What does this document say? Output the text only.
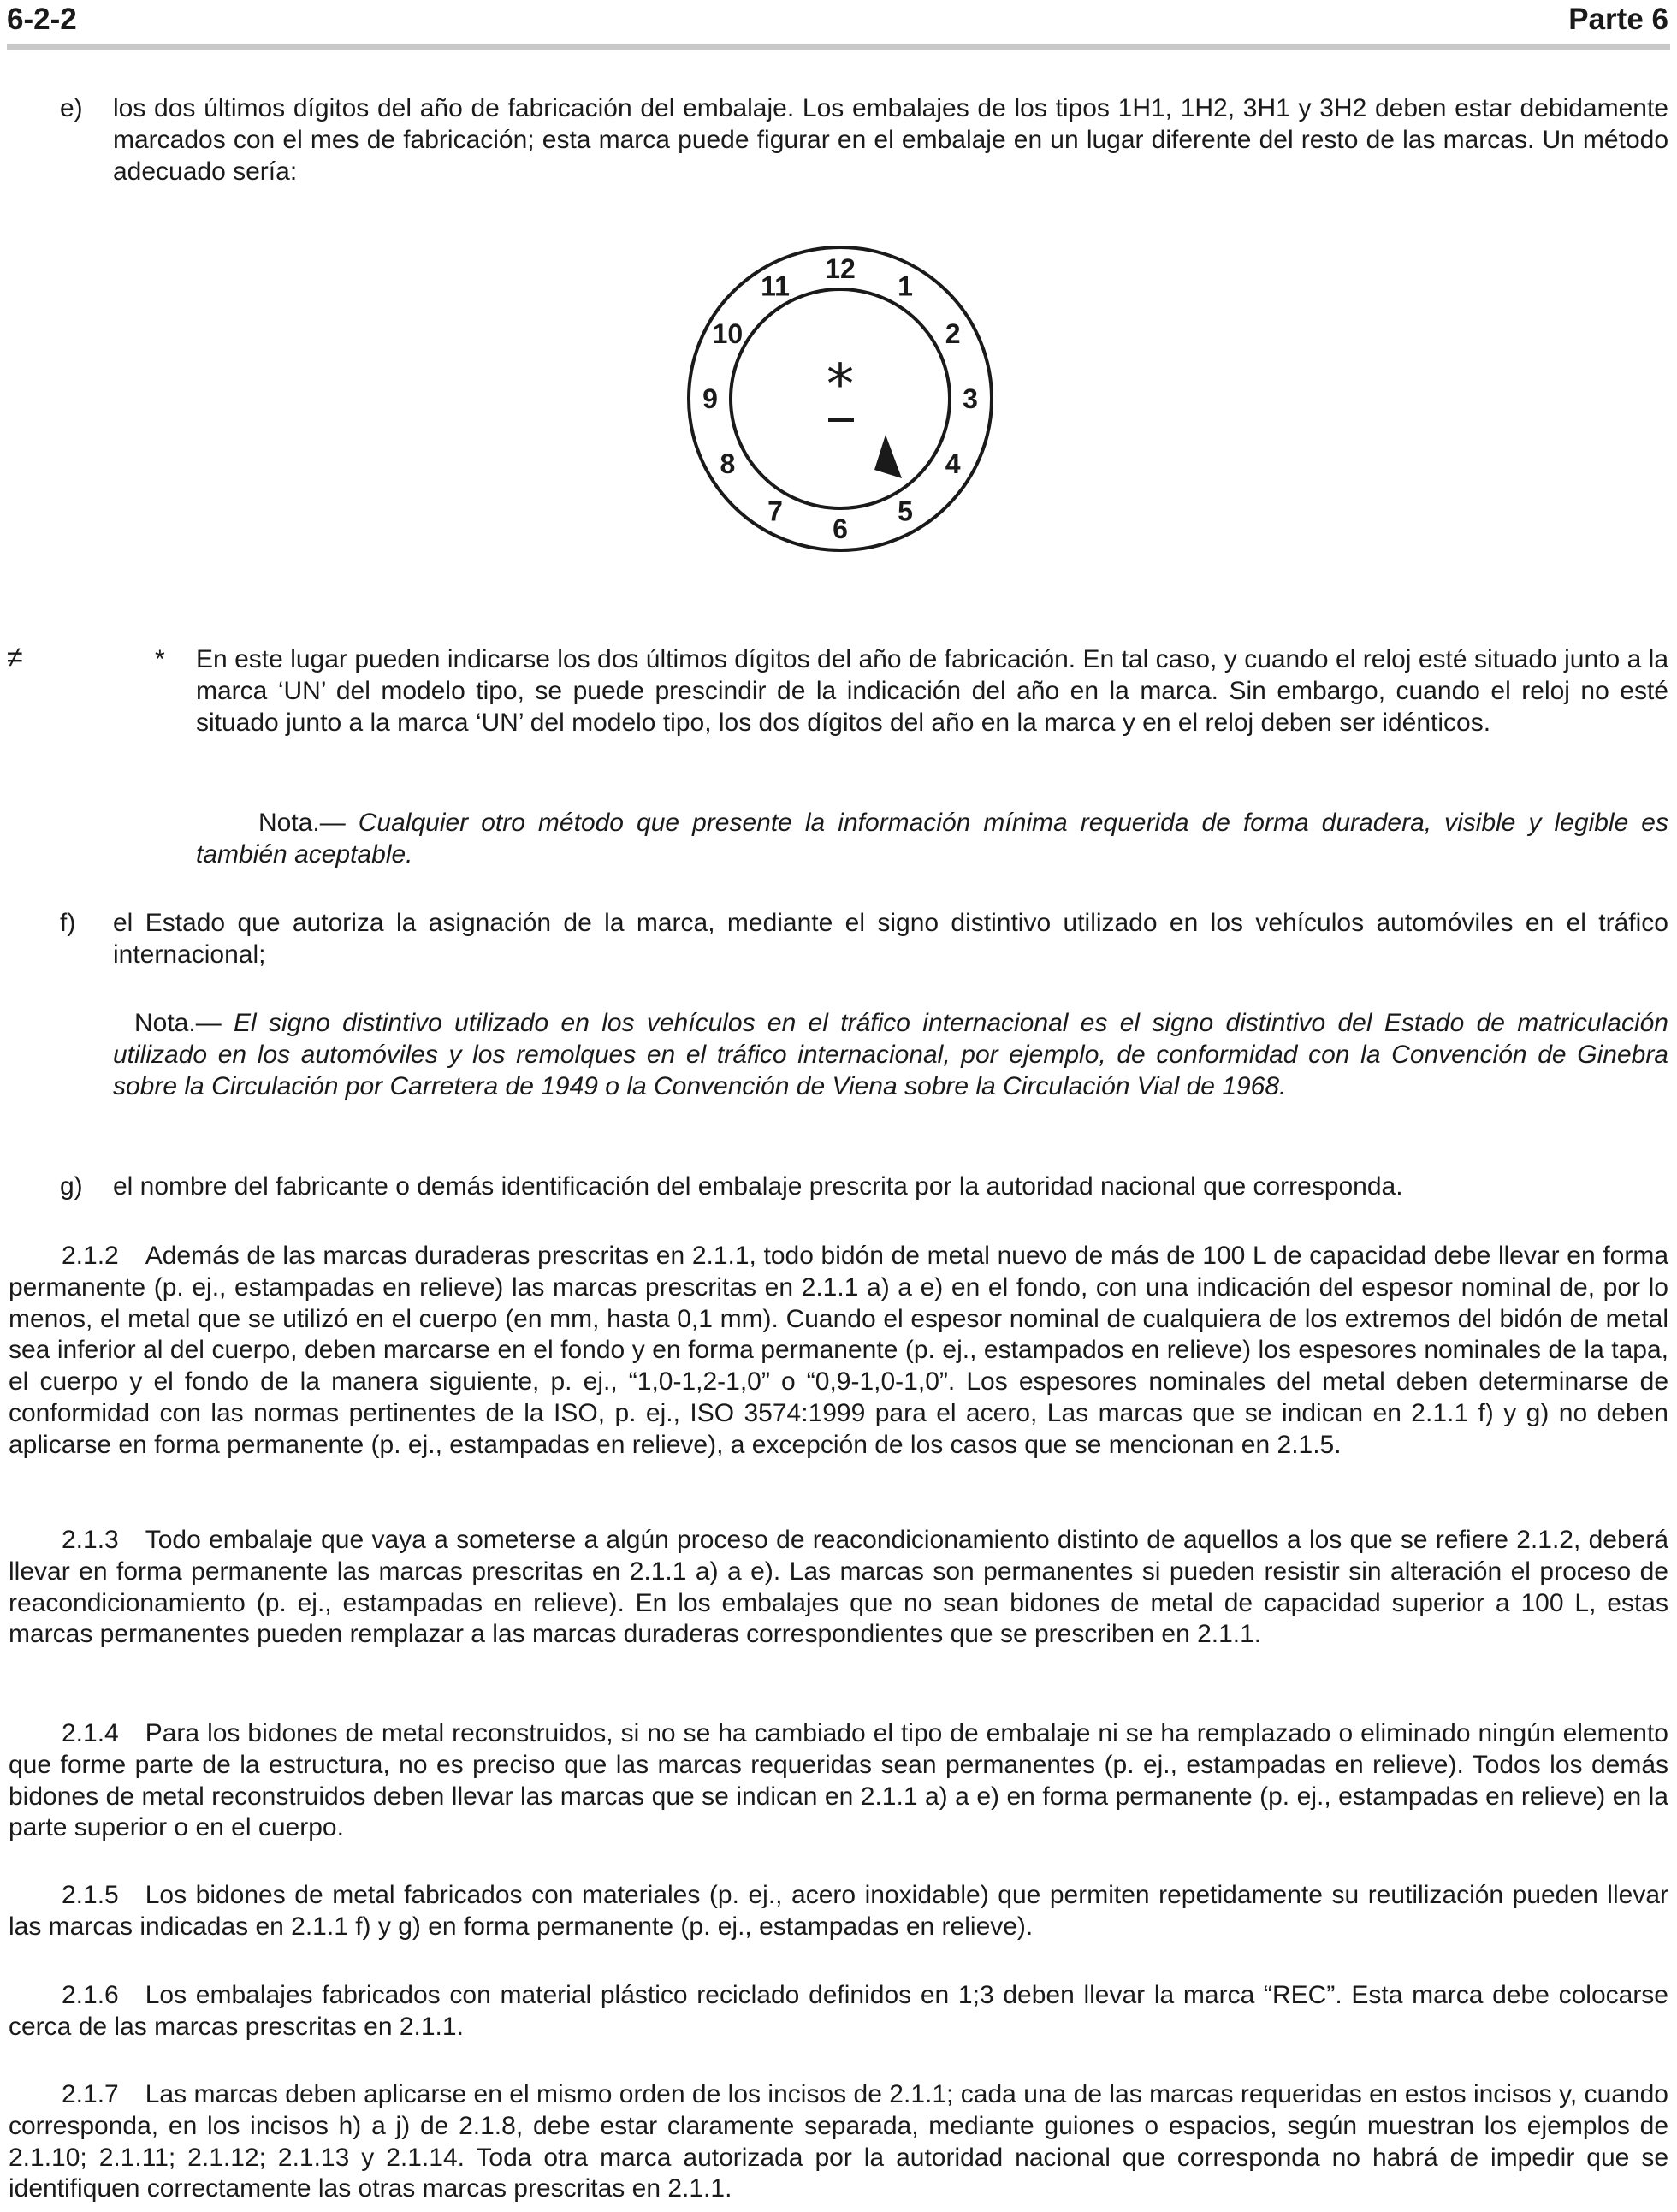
6-2-2	Parte 6
e) los dos últimos dígitos del año de fabricación del embalaje. Los embalajes de los tipos 1H1, 1H2, 3H1 y 3H2 deben estar debidamente marcados con el mes de fabricación; esta marca puede figurar en el embalaje en un lugar diferente del resto de las marcas. Un método adecuado sería:
12
1
2
3
4
5
6
7
8
9
10
11
*
≠	* En este lugar pueden indicarse los dos últimos dígitos del año de fabricación. En tal caso, y cuando el reloj esté situado junto a la marca ‘UN’ del modelo tipo, se puede prescindir de la indicación del año en la marca. Sin embargo, cuando el reloj no esté situado junto a la marca ‘UN’ del modelo tipo, los dos dígitos del año en la marca y en el reloj deben ser idénticos.
Nota.— Cualquier otro método que presente la información mínima requerida de forma duradera, visible y legible es también aceptable.
f) el Estado que autoriza la asignación de la marca, mediante el signo distintivo utilizado en los vehículos automóviles en el tráfico internacional;
Nota.— El signo distintivo utilizado en los vehículos en el tráfico internacional es el signo distintivo del Estado de matriculación utilizado en los automóviles y los remolques en el tráfico internacional, por ejemplo, de conformidad con la Convención de Ginebra sobre la Circulación por Carretera de 1949 o la Convención de Viena sobre la Circulación Vial de 1968.
g) el nombre del fabricante o demás identificación del embalaje prescrita por la autoridad nacional que corresponda.
2.1.2 Además de las marcas duraderas prescritas en 2.1.1, todo bidón de metal nuevo de más de 100 L de capacidad debe llevar en forma permanente (p. ej., estampadas en relieve) las marcas prescritas en 2.1.1 a) a e) en el fondo, con una indicación del espesor nominal de, por lo menos, el metal que se utilizó en el cuerpo (en mm, hasta 0,1 mm). Cuando el espesor nominal de cualquiera de los extremos del bidón de metal sea inferior al del cuerpo, deben marcarse en el fondo y en forma permanente (p. ej., estampados en relieve) los espesores nominales de la tapa, el cuerpo y el fondo de la manera siguiente, p. ej., “1,0-1,2-1,0” o “0,9-1,0-1,0”. Los espesores nominales del metal deben determinarse de conformidad con las normas pertinentes de la ISO, p. ej., ISO 3574:1999 para el acero, Las marcas que se indican en 2.1.1 f) y g) no deben aplicarse en forma permanente (p. ej., estampadas en relieve), a excepción de los casos que se mencionan en 2.1.5.
2.1.3 Todo embalaje que vaya a someterse a algún proceso de reacondicionamiento distinto de aquellos a los que se refiere 2.1.2, deberá llevar en forma permanente las marcas prescritas en 2.1.1 a) a e). Las marcas son permanentes si pueden resistir sin alteración el proceso de reacondicionamiento (p. ej., estampadas en relieve). En los embalajes que no sean bidones de metal de capacidad superior a 100 L, estas marcas permanentes pueden remplazar a las marcas duraderas correspondientes que se prescriben en 2.1.1.
2.1.4 Para los bidones de metal reconstruidos, si no se ha cambiado el tipo de embalaje ni se ha remplazado o eliminado ningún elemento que forme parte de la estructura, no es preciso que las marcas requeridas sean permanentes (p. ej., estampadas en relieve). Todos los demás bidones de metal reconstruidos deben llevar las marcas que se indican en 2.1.1 a) a e) en forma permanente (p. ej., estampadas en relieve) en la parte superior o en el cuerpo.
2.1.5 Los bidones de metal fabricados con materiales (p. ej., acero inoxidable) que permiten repetidamente su reutilización pueden llevar las marcas indicadas en 2.1.1 f) y g) en forma permanente (p. ej., estampadas en relieve).
2.1.6 Los embalajes fabricados con material plástico reciclado definidos en 1;3 deben llevar la marca “REC”. Esta marca debe colocarse cerca de las marcas prescritas en 2.1.1.
2.1.7 Las marcas deben aplicarse en el mismo orden de los incisos de 2.1.1; cada una de las marcas requeridas en estos incisos y, cuando corresponda, en los incisos h) a j) de 2.1.8, debe estar claramente separada, mediante guiones o espacios, según muestran los ejemplos de 2.1.10; 2.1.11; 2.1.12; 2.1.13 y 2.1.14. Toda otra marca autorizada por la autoridad nacional que corresponda no habrá de impedir que se identifiquen correctamente las otras marcas prescritas en 2.1.1.
